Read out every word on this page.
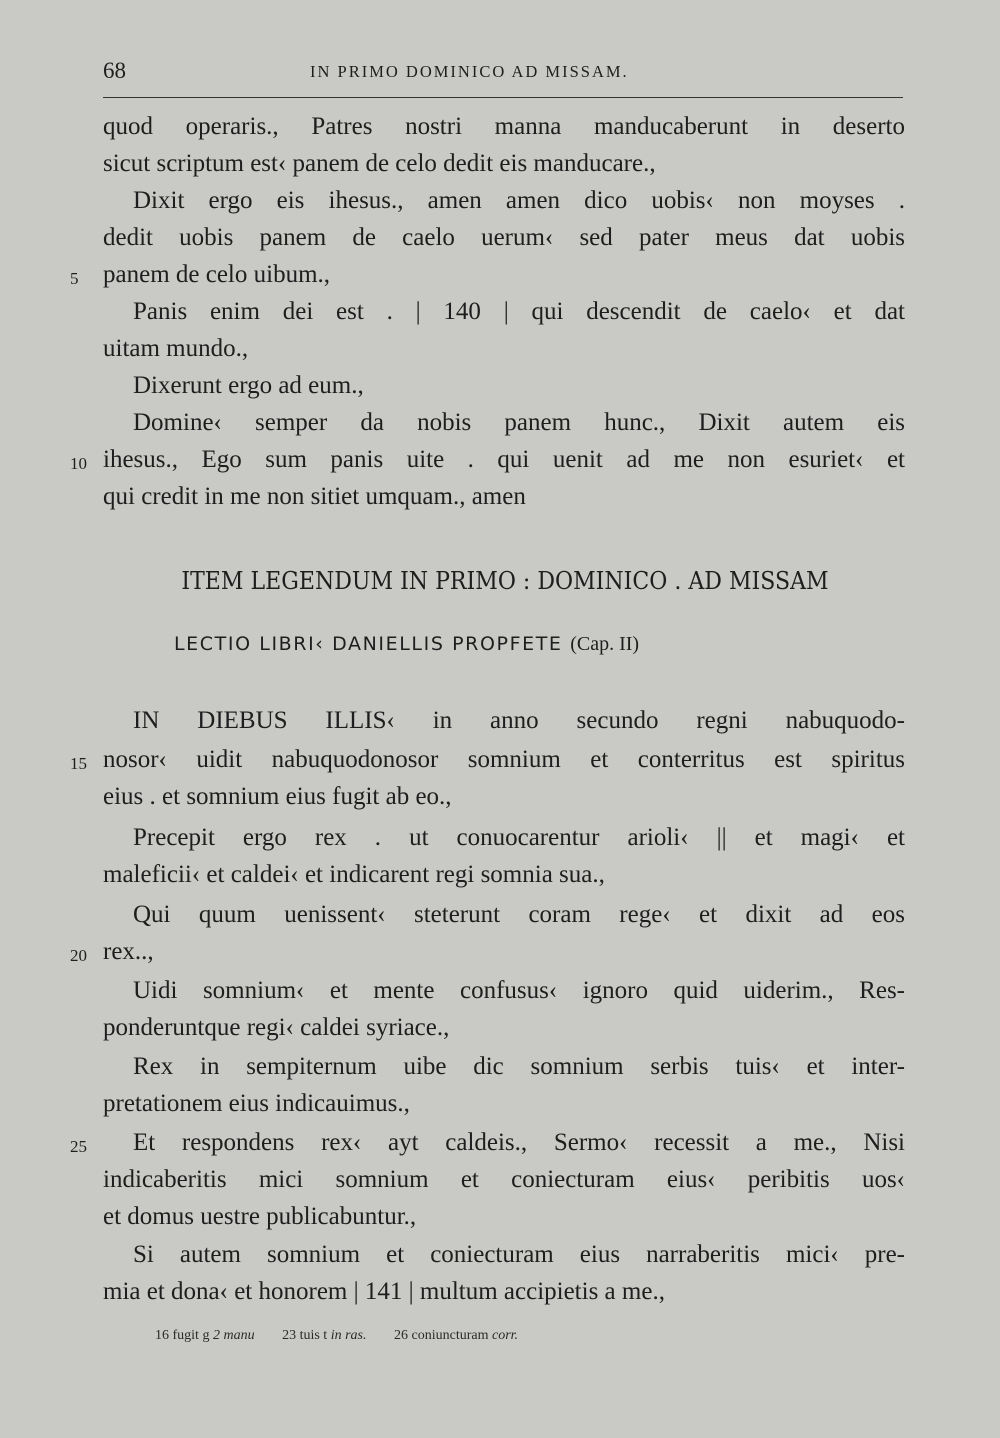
68	IN PRIMO DOMINICO AD MISSAM.
quod operaris., Patres nostri manna manducaberunt in deserto
sicut scriptum est‹ panem de celo dedit eis manducare.,
Dixit ergo eis ihesus., amen amen dico uobis‹ non moyses .
dedit uobis panem de caelo uerum‹ sed pater meus dat uobis
5 panem de celo uibum.,
Panis enim dei est . | 140 | qui descendit de caelo‹ et dat
uitam mundo.,
Dixerunt ergo ad eum.,
Domine‹ semper da nobis panem hunc., Dixit autem eis
10 ihesus., Ego sum panis uite . qui uenit ad me non esuriet‹ et
qui credit in me non sitiet umquam., amen
ITEM LEGENDUM IN PRIMO : DOMINICO . AD MISSAM
LECTIO LIBRI‹ DANIELLIS PROPFETE (Cap. II)
IN DIEBUS ILLIS‹ in anno secundo regni nabuquodo-
15 nosor‹ uidit nabuquodonosor somnium et conterritus est spiritus
eius . et somnium eius fugit ab eo.,
Precepit ergo rex . ut conuocarentur arioli‹ || et magi‹ et
maleficii‹ et caldei‹ et indicarent regi somnia sua.,
Qui quum uenissent‹ steterunt coram rege‹ et dixit ad eos
20 rex..,
Uidi somnium‹ et mente confusus‹ ignoro quid uiderim., Res-
ponderuntque regi‹ caldei syriace.,
Rex in sempiternum uibe dic somnium serbis tuis‹ et inter-
pretationem eius indicauimus.,
25 Et respondens rex‹ ayt caldeis., Sermo‹ recessit a me., Nisi
indicaberitis mici somnium et coniecturam eius‹ peribitis uos‹
et domus uestre publicabuntur.,
Si autem somnium et coniecturam eius narraberitis mici‹ pre-
mia et dona‹ et honorem | 141 | multum accipietis a me.,
16 fugit g 2 manu 23 tuis t in ras. 26 coniuncturam corr.
